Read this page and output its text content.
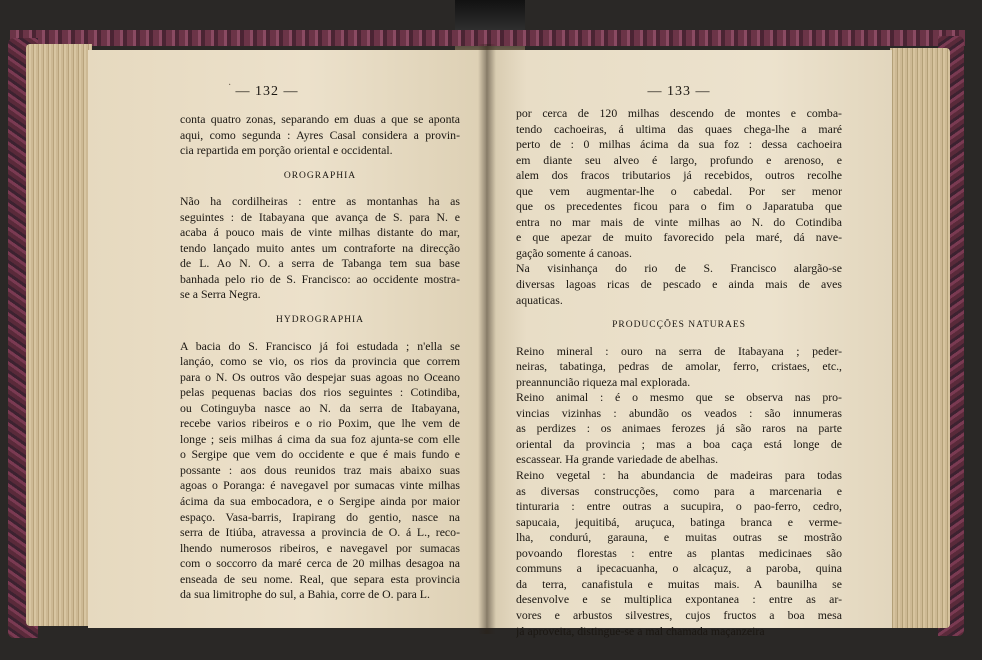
· — 132 —
conta quatro zonas, separando em duas a que se aponta
aqui, como segunda : Ayres Casal considera a provin-
cia repartida em porção oriental e occidental.
OROGRAPHIA
Não ha cordilheiras : entre as montanhas ha as
seguintes : de Itabayana que avança de S. para N. e
acaba á pouco mais de vinte milhas distante do mar,
tendo lançado muito antes um contraforte na direcção
de L. Ao N. O. a serra de Tabanga tem sua base
banhada pelo rio de S. Francisco: ao occidente mostra-
se a Serra Negra.
HYDROGRAPHIA
A bacia do S. Francisco já foi estudada ; n'ella se
lançáo, como se vio, os rios da provincia que correm
para o N. Os outros vão despejar suas agoas no Oceano
pelas pequenas bacias dos rios seguintes : Cotindiba,
ou Cotinguyba nasce ao N. da serra de Itabayana,
recebe varios ribeiros e o rio Poxim, que lhe vem de
longe ; seis milhas á cima da sua foz ajunta-se com elle
o Sergipe que vem do occidente e que é mais fundo e
possante : aos dous reunidos traz mais abaixo suas
agoas o Poranga: é navegavel por sumacas vinte milhas
ácima da sua embocadora, e o Sergipe ainda por maior
espaço. Vasa-barris, Irapirang do gentio, nasce na
serra de Itiúba, atravessa a provincia de O. á L., reco-
lhendo numerosos ribeiros, e navegavel por sumacas
com o soccorro da maré cerca de 20 milhas desagoa na
enseada de seu nome. Real, que separa esta provincia
da sua limitrophe do sul, a Bahia, corre de O. para L.
— 133 —
por cerca de 120 milhas descendo de montes e comba-
tendo cachoeiras, á ultima das quaes chega-lhe a maré
perto de : 0 milhas ácima da sua foz : dessa cachoeira
em diante seu alveo é largo, profundo e arenoso, e
alem dos fracos tributarios já recebidos, outros recolhe
que vem augmentar-lhe o cabedal. Por ser menor
que os precedentes ficou para o fim o Japaratuba que
entra no mar mais de vinte milhas ao N. do Cotindiba
e que apezar de muito favorecido pela maré, dá nave-
gação somente á canoas.
Na visinhança do rio de S. Francisco alargão-se
diversas lagoas ricas de pescado e ainda mais de aves
aquaticas.
PRODUCÇÕES NATURAES
Reino mineral : ouro na serra de Itabayana ; peder-
neiras, tabatinga, pedras de amolar, ferro, cristaes, etc.,
preannuncião riqueza mal explorada.
Reino animal : é o mesmo que se observa nas pro-
vincias vizinhas : abundão os veados : são innumeras
as perdizes : os animaes ferozes já são raros na parte
oriental da provincia ; mas a boa caça está longe de
escassear. Ha grande variedade de abelhas.
Reino vegetal : ha abundancia de madeiras para todas
as diversas construcções, como para a marcenaria e
tinturaria : entre outras a sucupira, o pao-ferro, cedro,
sapucaia, jequitibá, aruçuca, batinga branca e verme-
lha, condurú, garauna, e muitas outras se mostrão
povoando florestas : entre as plantas medicinaes são
communs a ipecacuanha, o alcaçuz, a paroba, quina
da terra, canafistula e muitas mais. A baunilha se
desenvolve e se multiplica expontanea : entre as ar-
vores e arbustos silvestres, cujos fructos a boa mesa
já aproveita, distingue-se a mal chamada maçanzeira
